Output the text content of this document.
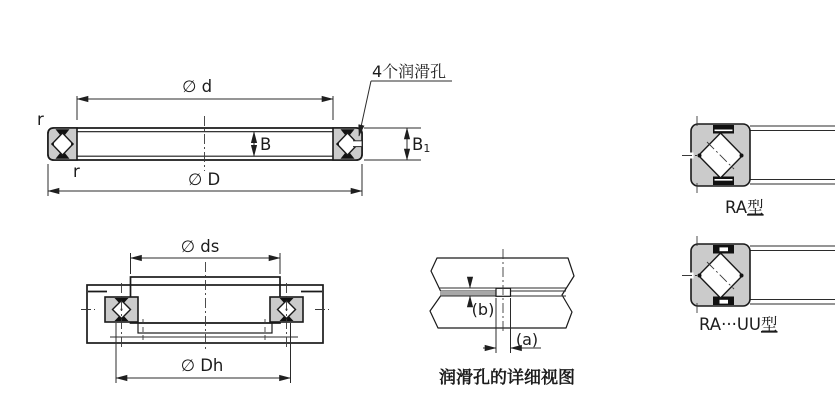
∅ d
∅ D
B	B1
r
r
4个润滑孔
∅ ds
∅ Dh
(b)
(a)
润滑孔的详细视图
RA型
RA···UU型
